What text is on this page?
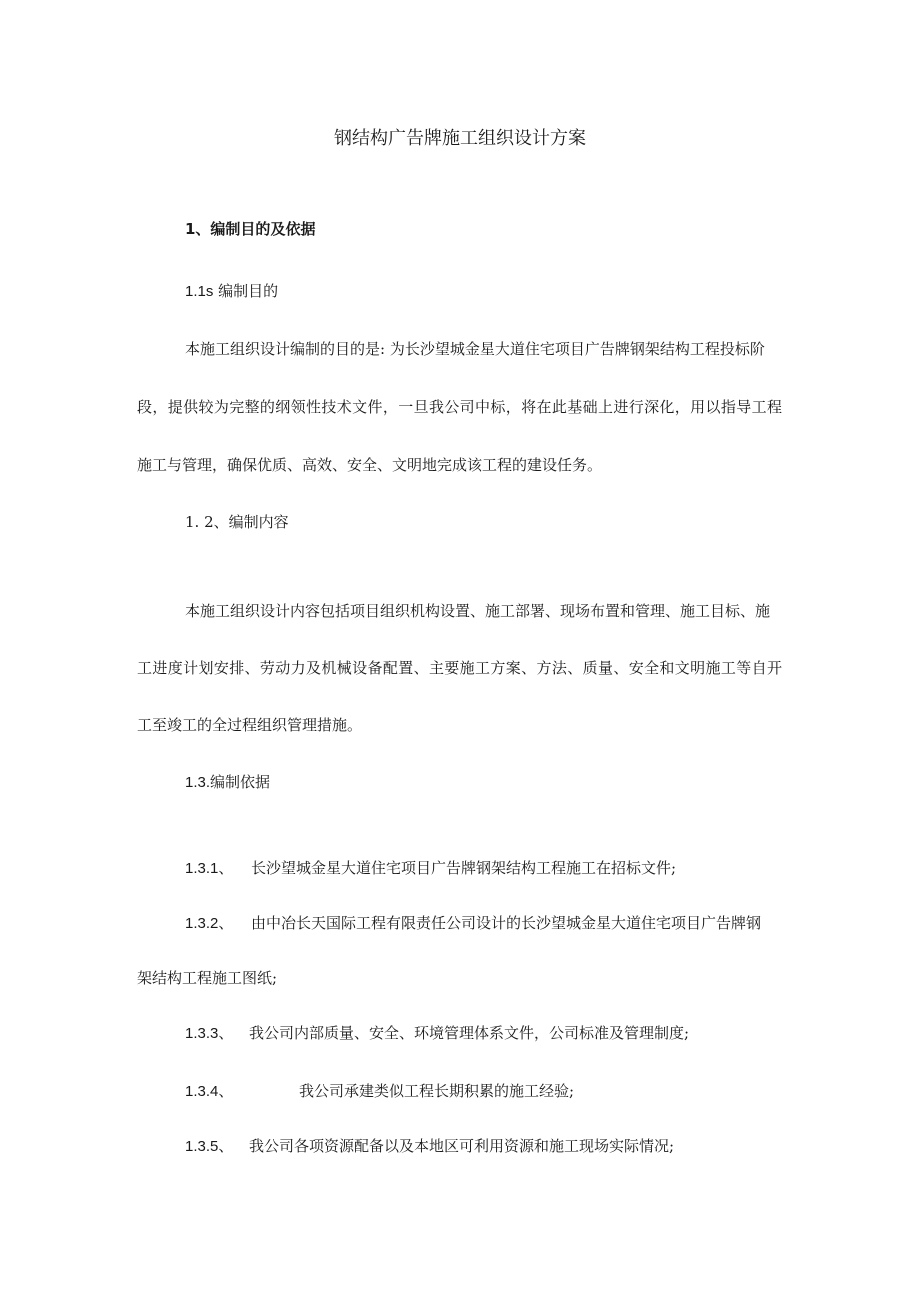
钢结构广告牌施工组织设计方案
1、编制目的及依据
1.1s 编制目的
本施工组织设计编制的目的是: 为长沙望城金星大道住宅项目广告牌钢架结构工程投标阶
段，提供较为完整的纲领性技术文件，一旦我公司中标，将在此基础上进行深化，用以指导工程
施工与管理，确保优质、高效、安全、文明地完成该工程的建设任务。
1. 2、编制内容
本施工组织设计内容包括项目组织机构设置、施工部署、现场布置和管理、施工目标、施
工进度计划安排、劳动力及机械设备配置、主要施工方案、方法、质量、安全和文明施工等自开
工至竣工的全过程组织管理措施。
1.3.编制依据
1.3.1、 长沙望城金星大道住宅项目广告牌钢架结构工程施工在招标文件;
1.3.2、 由中冶长天国际工程有限责任公司设计的长沙望城金星大道住宅项目广告牌钢
架结构工程施工图纸;
1.3.3、 我公司内部质量、安全、环境管理体系文件，公司标准及管理制度;
1.3.4、	我公司承建类似工程长期积累的施工经验;
1.3.5、 我公司各项资源配备以及本地区可利用资源和施工现场实际情况;
